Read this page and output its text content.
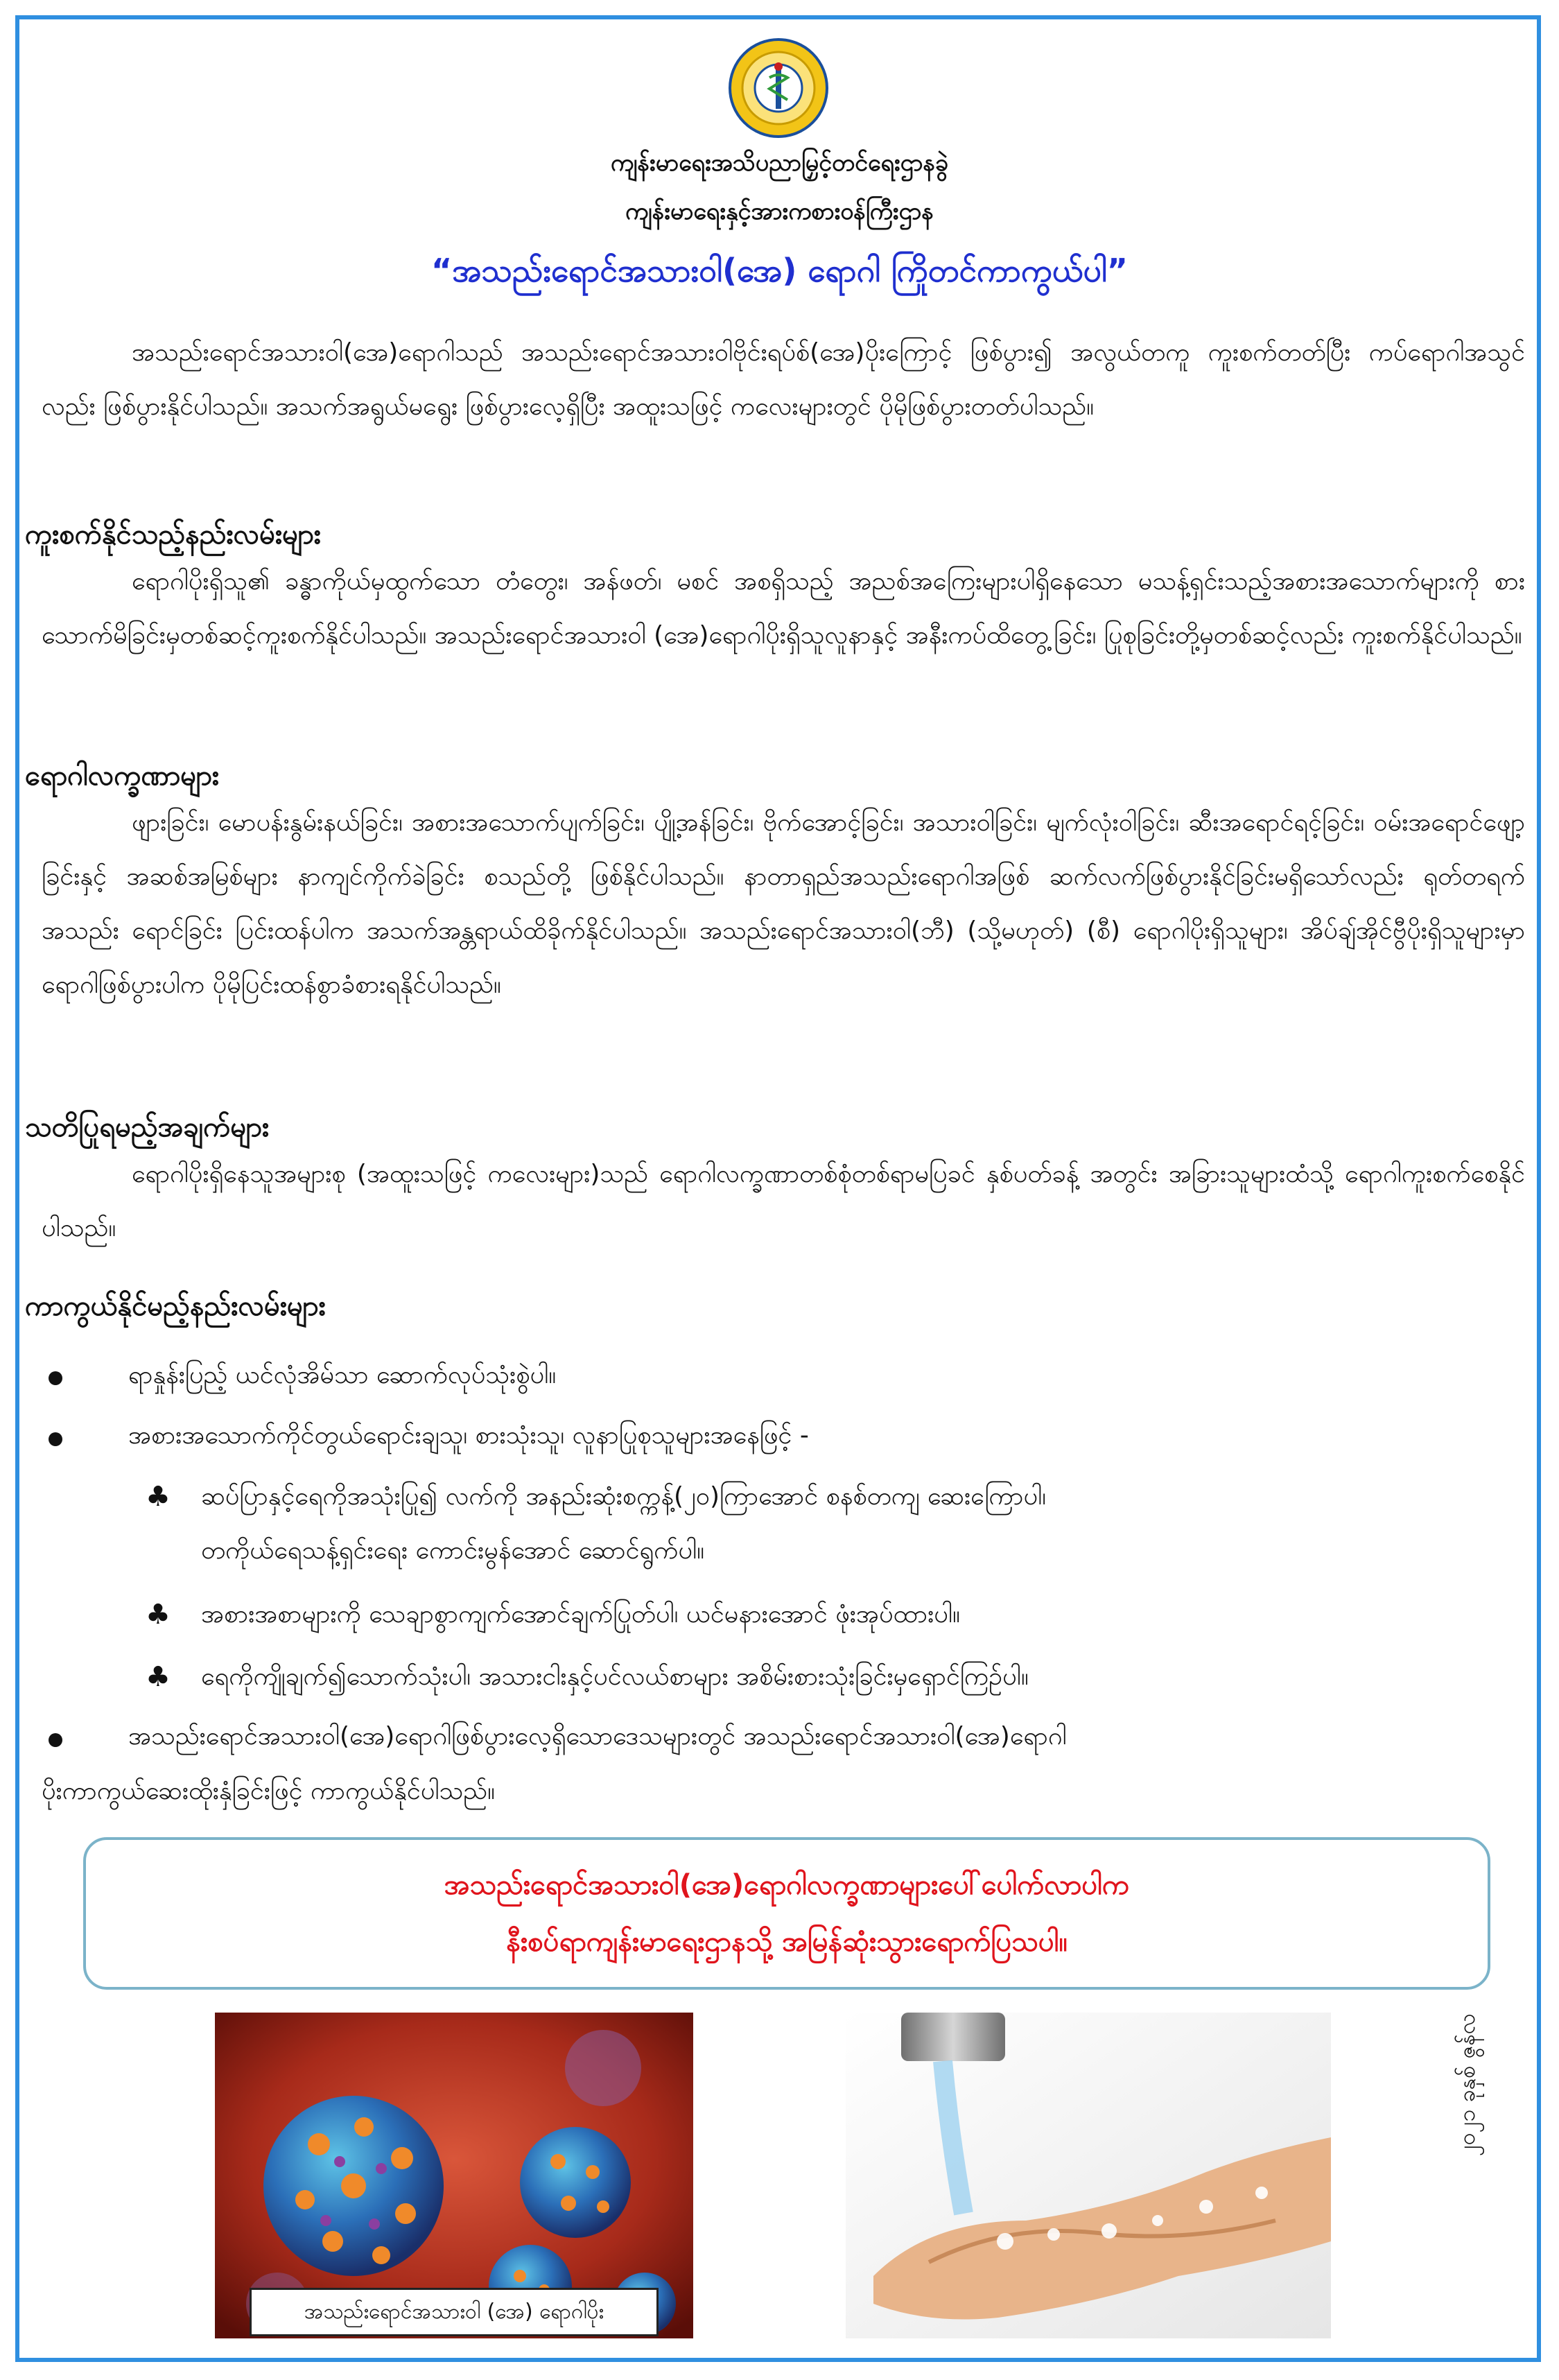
ကျန်းမာရေးအသိပညာမြှင့်တင်ရေးဌာနခွဲ
ကျန်းမာရေးနှင့်အားကစားဝန်ကြီးဌာန
“အသည်းရောင်အသားဝါ(အေ) ရောဂါ ကြိုတင်ကာကွယ်ပါ”
အသည်းရောင်အသားဝါ(အေ)ရောဂါသည် အသည်းရောင်အသားဝါဗိုင်းရပ်စ်(အေ)ပိုးကြောင့် ဖြစ်ပွား၍ အလွယ်တကူ ကူးစက်တတ်ပြီး ကပ်ရောဂါအသွင်လည်း ဖြစ်ပွားနိုင်ပါသည်။ အသက်အရွယ်မရွေး ဖြစ်ပွားလေ့ရှိပြီး အထူးသဖြင့် ကလေးများတွင် ပိုမိုဖြစ်ပွားတတ်ပါသည်။
ကူးစက်နိုင်သည့်နည်းလမ်းများ
ရောဂါပိုးရှိသူ၏ ခန္ဓာကိုယ်မှထွက်သော တံတွေး၊ အန်ဖတ်၊ မစင် အစရှိသည့် အညစ်အကြေးများပါရှိနေသော မသန့်ရှင်းသည့်အစားအသောက်များကို စားသောက်မိခြင်းမှတစ်ဆင့်ကူးစက်နိုင်ပါသည်။ အသည်းရောင်အသားဝါ (အေ)ရောဂါပိုးရှိသူလူနာနှင့် အနီးကပ်ထိတွေ့ခြင်း၊ ပြုစုခြင်းတို့မှတစ်ဆင့်လည်း ကူးစက်နိုင်ပါသည်။
ရောဂါလက္ခဏာများ
ဖျားခြင်း၊ မောပန်းနွမ်းနယ်ခြင်း၊ အစားအသောက်ပျက်ခြင်း၊ ပျို့အန်ခြင်း၊ ဗိုက်အောင့်ခြင်း၊ အသားဝါခြင်း၊ မျက်လုံးဝါခြင်း၊ ဆီးအရောင်ရင့်ခြင်း၊ ဝမ်းအရောင်ဖျော့ခြင်းနှင့် အဆစ်အမြစ်များ နာကျင်ကိုက်ခဲခြင်း စသည်တို့ ဖြစ်နိုင်ပါသည်။ နာတာရှည်အသည်းရောဂါအဖြစ် ဆက်လက်ဖြစ်ပွားနိုင်ခြင်းမရှိသော်လည်း ရုတ်တရက် အသည်း ရောင်ခြင်း ပြင်းထန်ပါက အသက်အန္တရာယ်ထိခိုက်နိုင်ပါသည်။ အသည်းရောင်အသားဝါ(ဘီ) (သို့မဟုတ်) (စီ) ရောဂါပိုးရှိသူများ၊ အိပ်ချ်အိုင်ဗွီပိုးရှိသူများမှာ ရောဂါဖြစ်ပွားပါက ပိုမိုပြင်းထန်စွာခံစားရနိုင်ပါသည်။
သတိပြုရမည့်အချက်များ
ရောဂါပိုးရှိနေသူအများစု (အထူးသဖြင့် ကလေးများ)သည် ရောဂါလက္ခဏာတစ်စုံတစ်ရာမပြခင် နှစ်ပတ်ခန့် အတွင်း အခြားသူများထံသို့ ရောဂါကူးစက်စေနိုင်ပါသည်။
ကာကွယ်နိုင်မည့်နည်းလမ်းများ
ရာနှုန်းပြည့် ယင်လုံအိမ်သာ ဆောက်လုပ်သုံးစွဲပါ။
အစားအသောက်ကိုင်တွယ်ရောင်းချသူ၊ စားသုံးသူ၊ လူနာပြုစုသူများအနေဖြင့် -
♣ ဆပ်ပြာနှင့်ရေကိုအသုံးပြု၍ လက်ကို အနည်းဆုံးစက္ကန့်(၂၀)ကြာအောင် စနစ်တကျ ဆေးကြောပါ၊
တကိုယ်ရေသန့်ရှင်းရေး ကောင်းမွန်အောင် ဆောင်ရွက်ပါ။
♣ အစားအစာများကို သေချာစွာကျက်အောင်ချက်ပြုတ်ပါ၊ ယင်မနားအောင် ဖုံးအုပ်ထားပါ။
♣ ရေကိုကျိုချက်၍သောက်သုံးပါ၊ အသားငါးနှင့်ပင်လယ်စာများ အစိမ်းစားသုံးခြင်းမှရှောင်ကြဉ်ပါ။
အသည်းရောင်အသားဝါ(အေ)ရောဂါဖြစ်ပွားလေ့ရှိသောဒေသများတွင် အသည်းရောင်အသားဝါ(အေ)ရောဂါ
ပိုးကာကွယ်ဆေးထိုးနှံခြင်းဖြင့် ကာကွယ်နိုင်ပါသည်။
အသည်းရောင်အသားဝါ(အေ)ရောဂါလက္ခဏာများပေါ်ပေါက်လာပါက
နီးစပ်ရာကျန်းမာရေးဌာနသို့ အမြန်ဆုံးသွားရောက်ပြသပါ။
အသည်းရောင်အသားဝါ (အေ) ရောဂါပိုး
၂၀၂၁ ခုနှစ် ဇွန်လ
